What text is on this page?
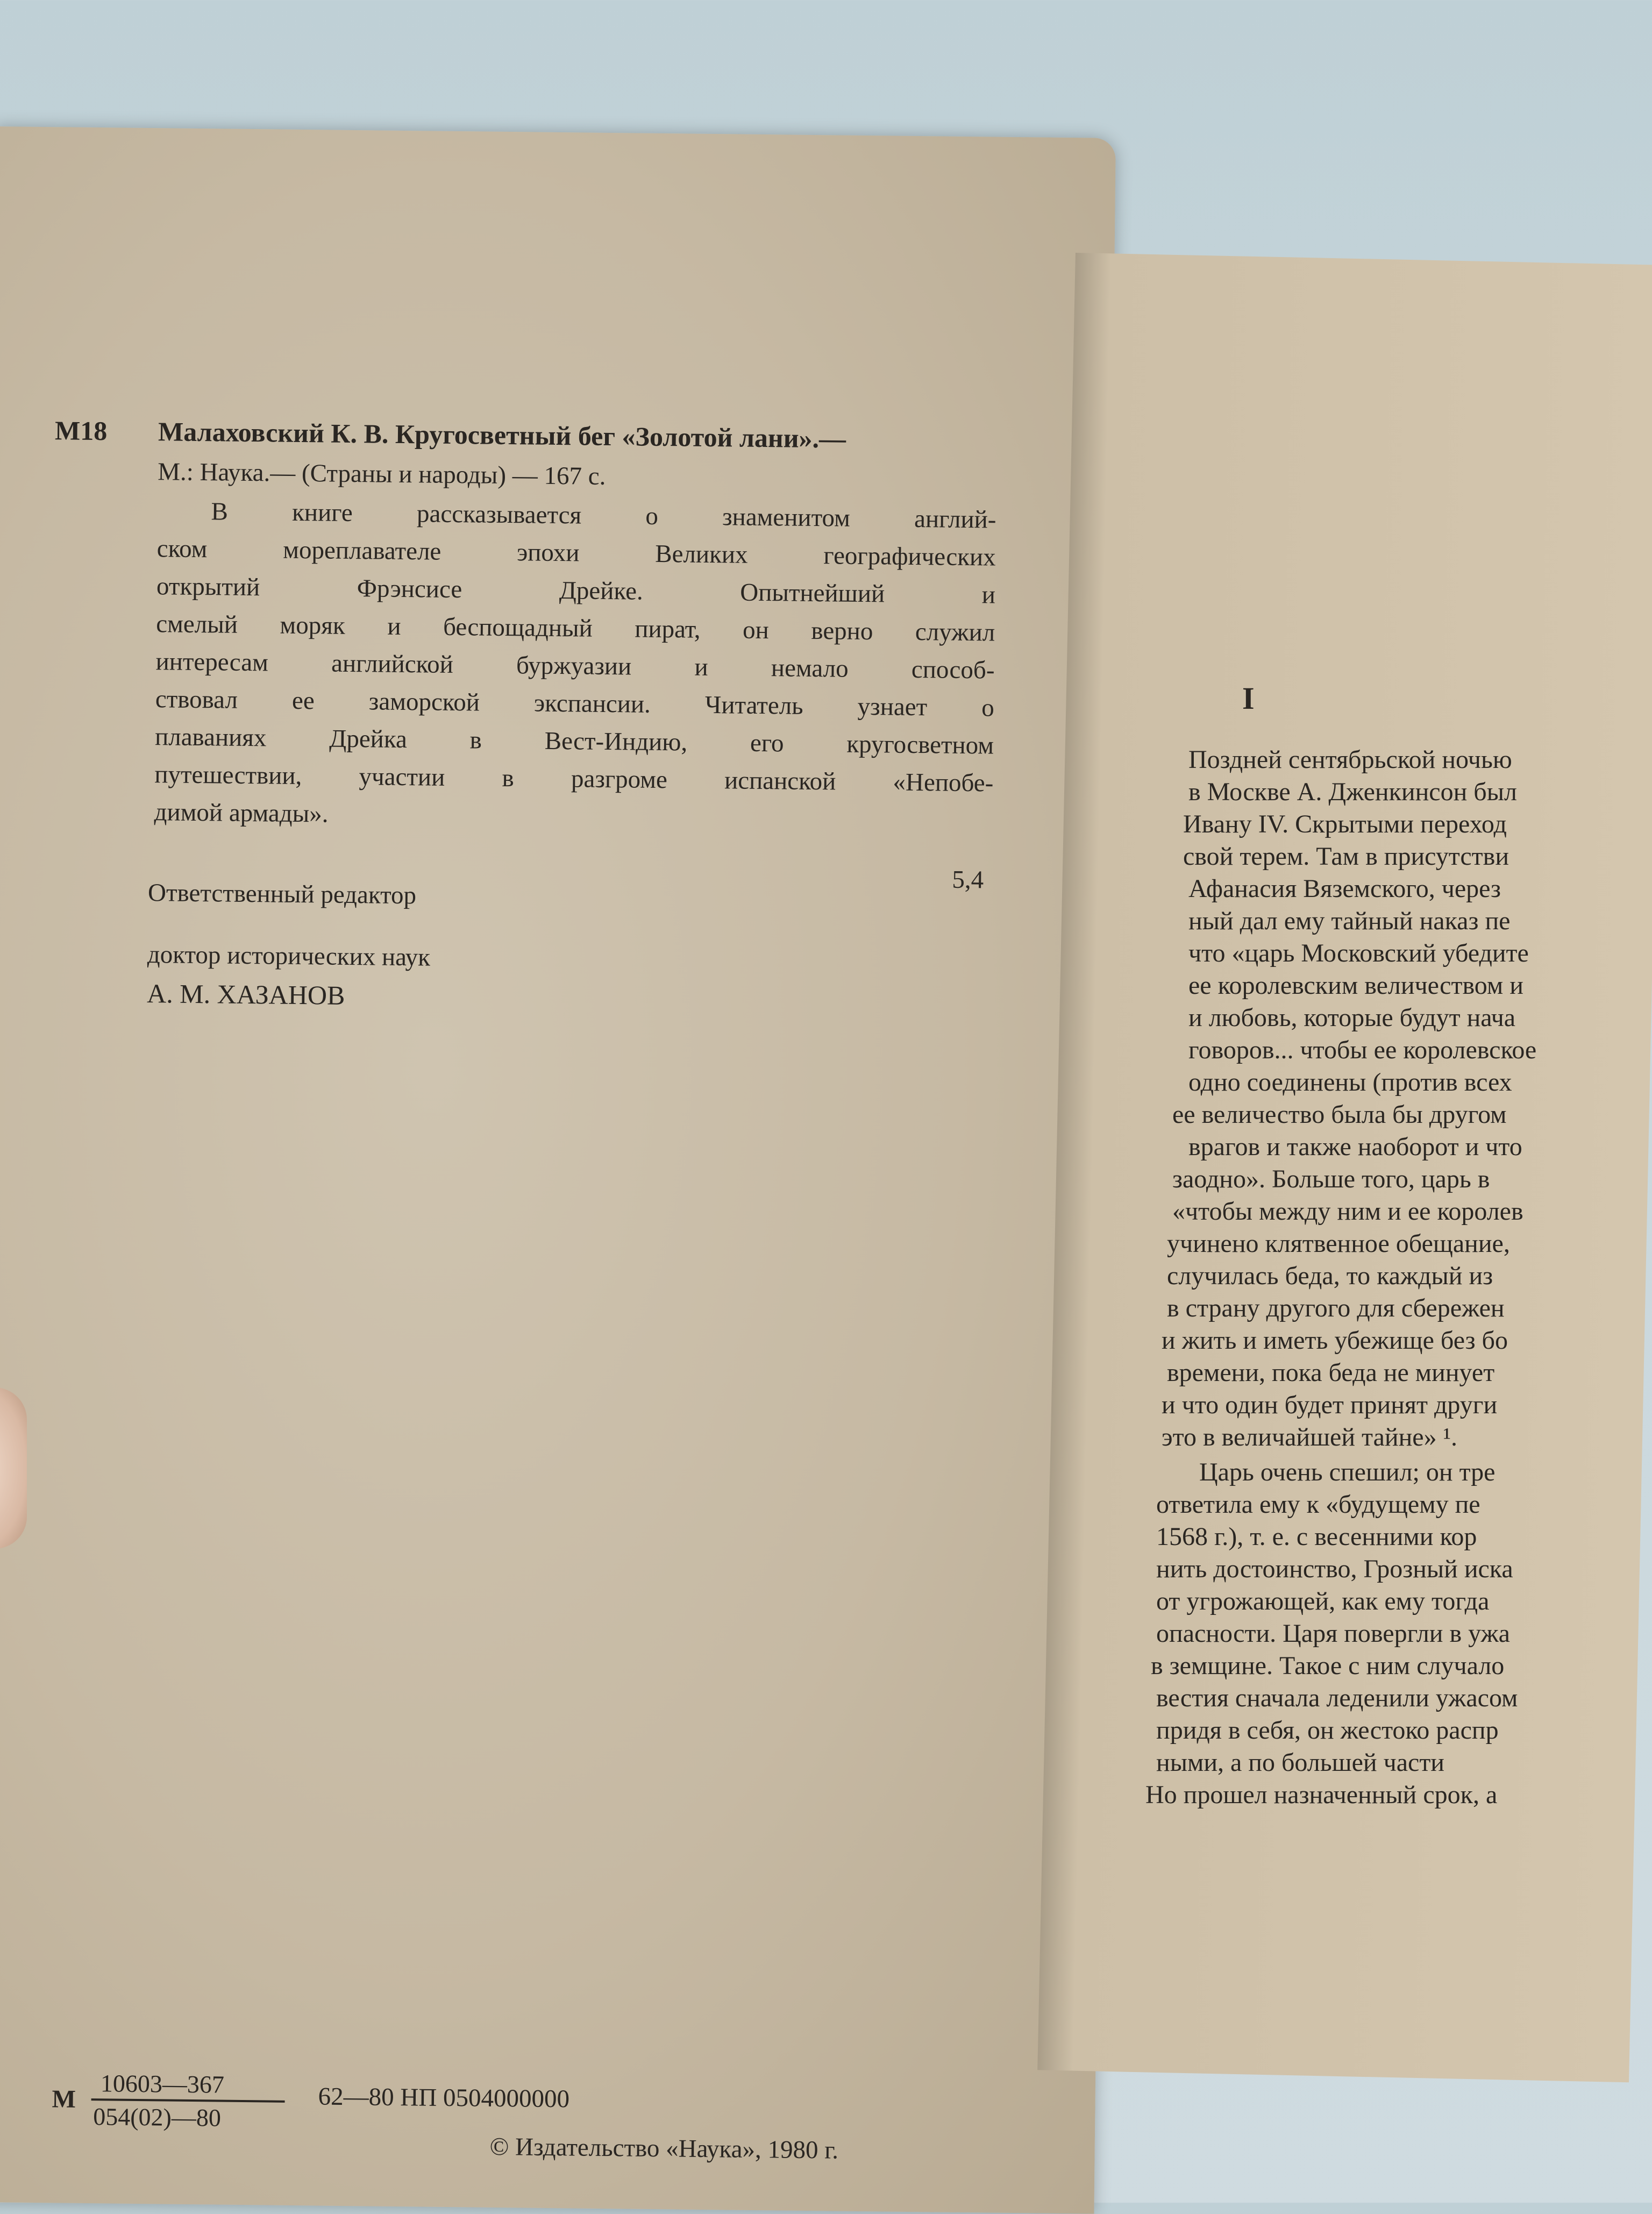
М18 Малаховский К. В. Кругосветный бег «Золотой лани».—
М.: Наука.— (Страны и народы) — 167 с.
В книге рассказывается о знаменитом англий-
ском мореплавателе эпохи Великих географических
открытий Фрэнсисе Дрейке. Опытнейший и
смелый моряк и беспощадный пират, он верно служил
интересам английской буржуазии и немало способ-
ствовал ее заморской экспансии. Читатель узнает о
плаваниях Дрейка в Вест-Индию, его кругосветном
путешествии, участии в разгроме испанской «Непобе-
димой армады».
5,4
Ответственный редактор
доктор исторических наук
А. М. ХАЗАНОВ
М
10603—367
054(02)—80
62—80 НП 0504000000
© Издательство «Наука», 1980 г.
I
Поздней сентябрьской ночью
в Москве А. Дженкинсон был
Ивану IV. Скрытыми переход
свой терем. Там в присутстви
Афанасия Вяземского, через
ный дал ему тайный наказ пе
что «царь Московский убедите
ее королевским величеством и
и любовь, которые будут нача
говоров... чтобы ее королевское
одно соединены (против всех
ее величество была бы другом
врагов и также наоборот и что
заодно». Больше того, царь в
«чтобы между ним и ее королев
учинено клятвенное обещание,
случилась беда, то каждый из
в страну другого для сбережен
и жить и иметь убежище без бо
времени, пока беда не минует
и что один будет принят други
это в величайшей тайне» ¹.
Царь очень спешил; он тре
ответила ему к «будущему пе
1568 г.), т. е. с весенними кор
нить достоинство, Грозный иска
от угрожающей, как ему тогда
опасности. Царя повергли в ужа
в земщине. Такое с ним случало
вестия сначала леденили ужасом
придя в себя, он жестоко распр
ными, а по большей части
Но прошел назначенный срок, а
